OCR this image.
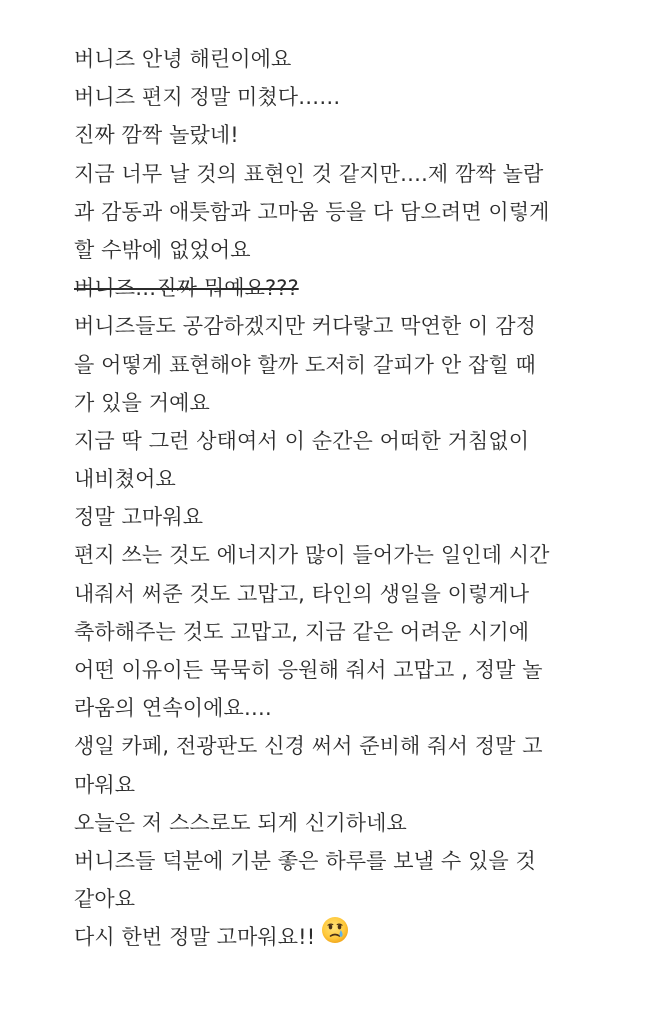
버니즈 안녕 해린이에요
버니즈 편지 정말 미쳤다……
진짜 깜짝 놀랐네!
지금 너무 날 것의 표현인 것 같지만….제 깜짝 놀람
과 감동과 애틋함과 고마움 등을 다 담으려면 이렇게
할 수밖에 없었어요
버니즈…진짜 뭐예요???
버니즈들도 공감하겠지만 커다랗고 막연한 이 감정
을 어떻게 표현해야 할까 도저히 갈피가 안 잡힐 때
가 있을 거예요
지금 딱 그런 상태여서 이 순간은 어떠한 거침없이
내비쳤어요
정말 고마워요
편지 쓰는 것도 에너지가 많이 들어가는 일인데 시간
내줘서 써준 것도 고맙고, 타인의 생일을 이렇게나
축하해주는 것도 고맙고, 지금 같은 어려운 시기에
어떤 이유이든 묵묵히 응원해 줘서 고맙고 , 정말 놀
라움의 연속이에요….
생일 카페, 전광판도 신경 써서 준비해 줘서 정말 고
마워요
오늘은 저 스스로도 되게 신기하네요
버니즈들 덕분에 기분 좋은 하루를 보낼 수 있을 것
같아요
다시 한번 정말 고마워요!!
